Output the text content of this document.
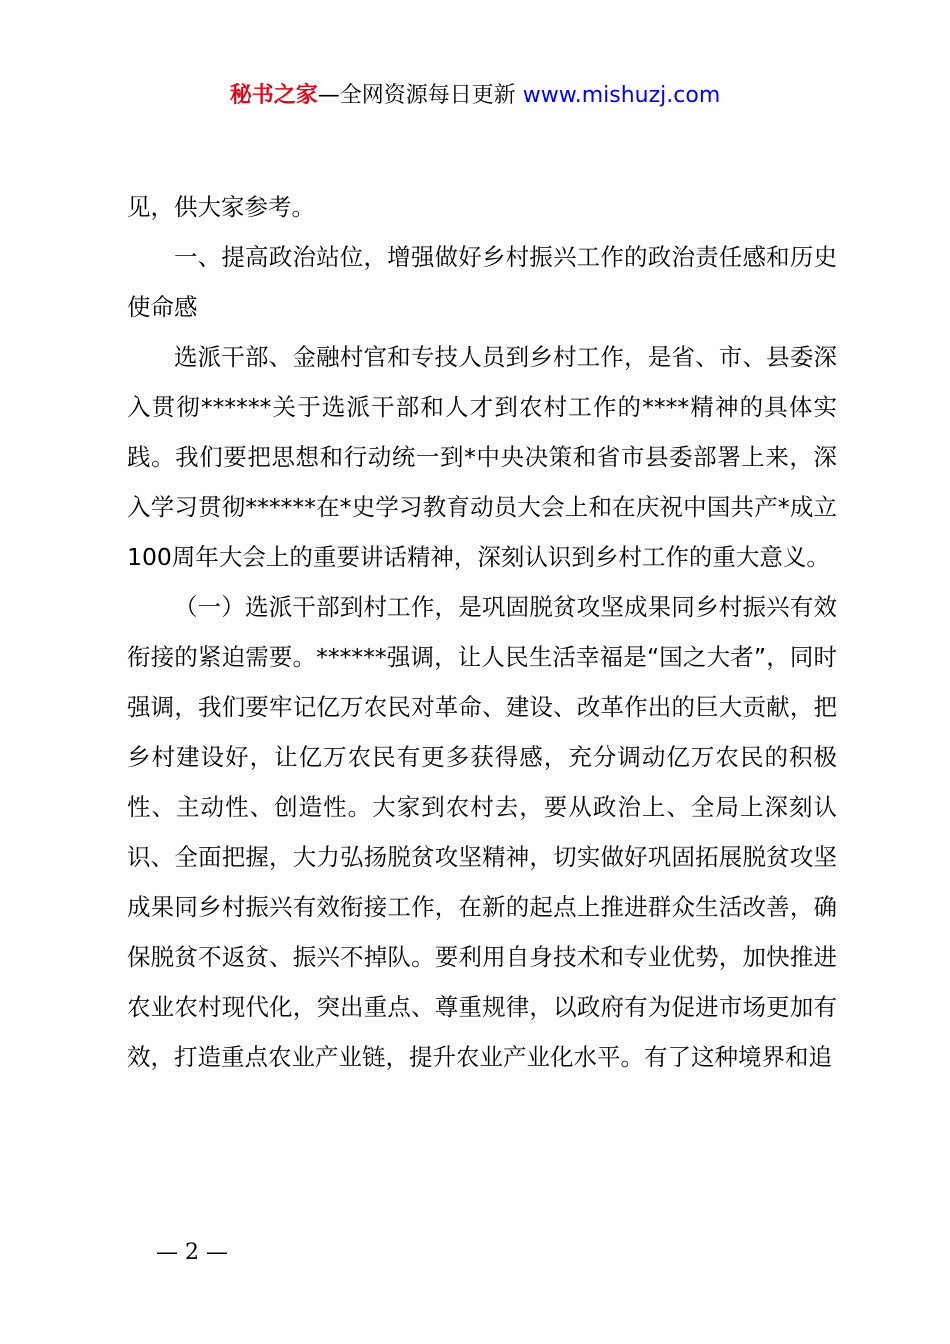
秘书之家—全网资源每日更新 www.mishuzj.com

见，供大家参考。

一、提高政治站位，增强做好乡村振兴工作的政治责任感和历史使命感

选派干部、金融村官和专技人员到乡村工作，是省、市、县委深入贯彻******关于选派干部和人才到农村工作的****精神的具体实践。我们要把思想和行动统一到*中央决策和省市县委部署上来，深入学习贯彻******在*史学习教育动员大会上和在庆祝中国共产*成立100周年大会上的重要讲话精神，深刻认识到乡村工作的重大意义。

（一）选派干部到村工作，是巩固脱贫攻坚成果同乡村振兴有效衔接的紧迫需要。******强调，让人民生活幸福是“国之大者”，同时强调，我们要牢记亿万农民对革命、建设、改革作出的巨大贡献，把乡村建设好，让亿万农民有更多获得感，充分调动亿万农民的积极性、主动性、创造性。大家到农村去，要从政治上、全局上深刻认识、全面把握，大力弘扬脱贫攻坚精神，切实做好巩固拓展脱贫攻坚成果同乡村振兴有效衔接工作，在新的起点上推进群众生活改善，确保脱贫不返贫、振兴不掉队。要利用自身技术和专业优势，加快推进农业农村现代化，突出重点、尊重规律，以政府有为促进市场更加有效，打造重点农业产业链，提升农业产业化水平。有了这种境界和追

— 2 —
